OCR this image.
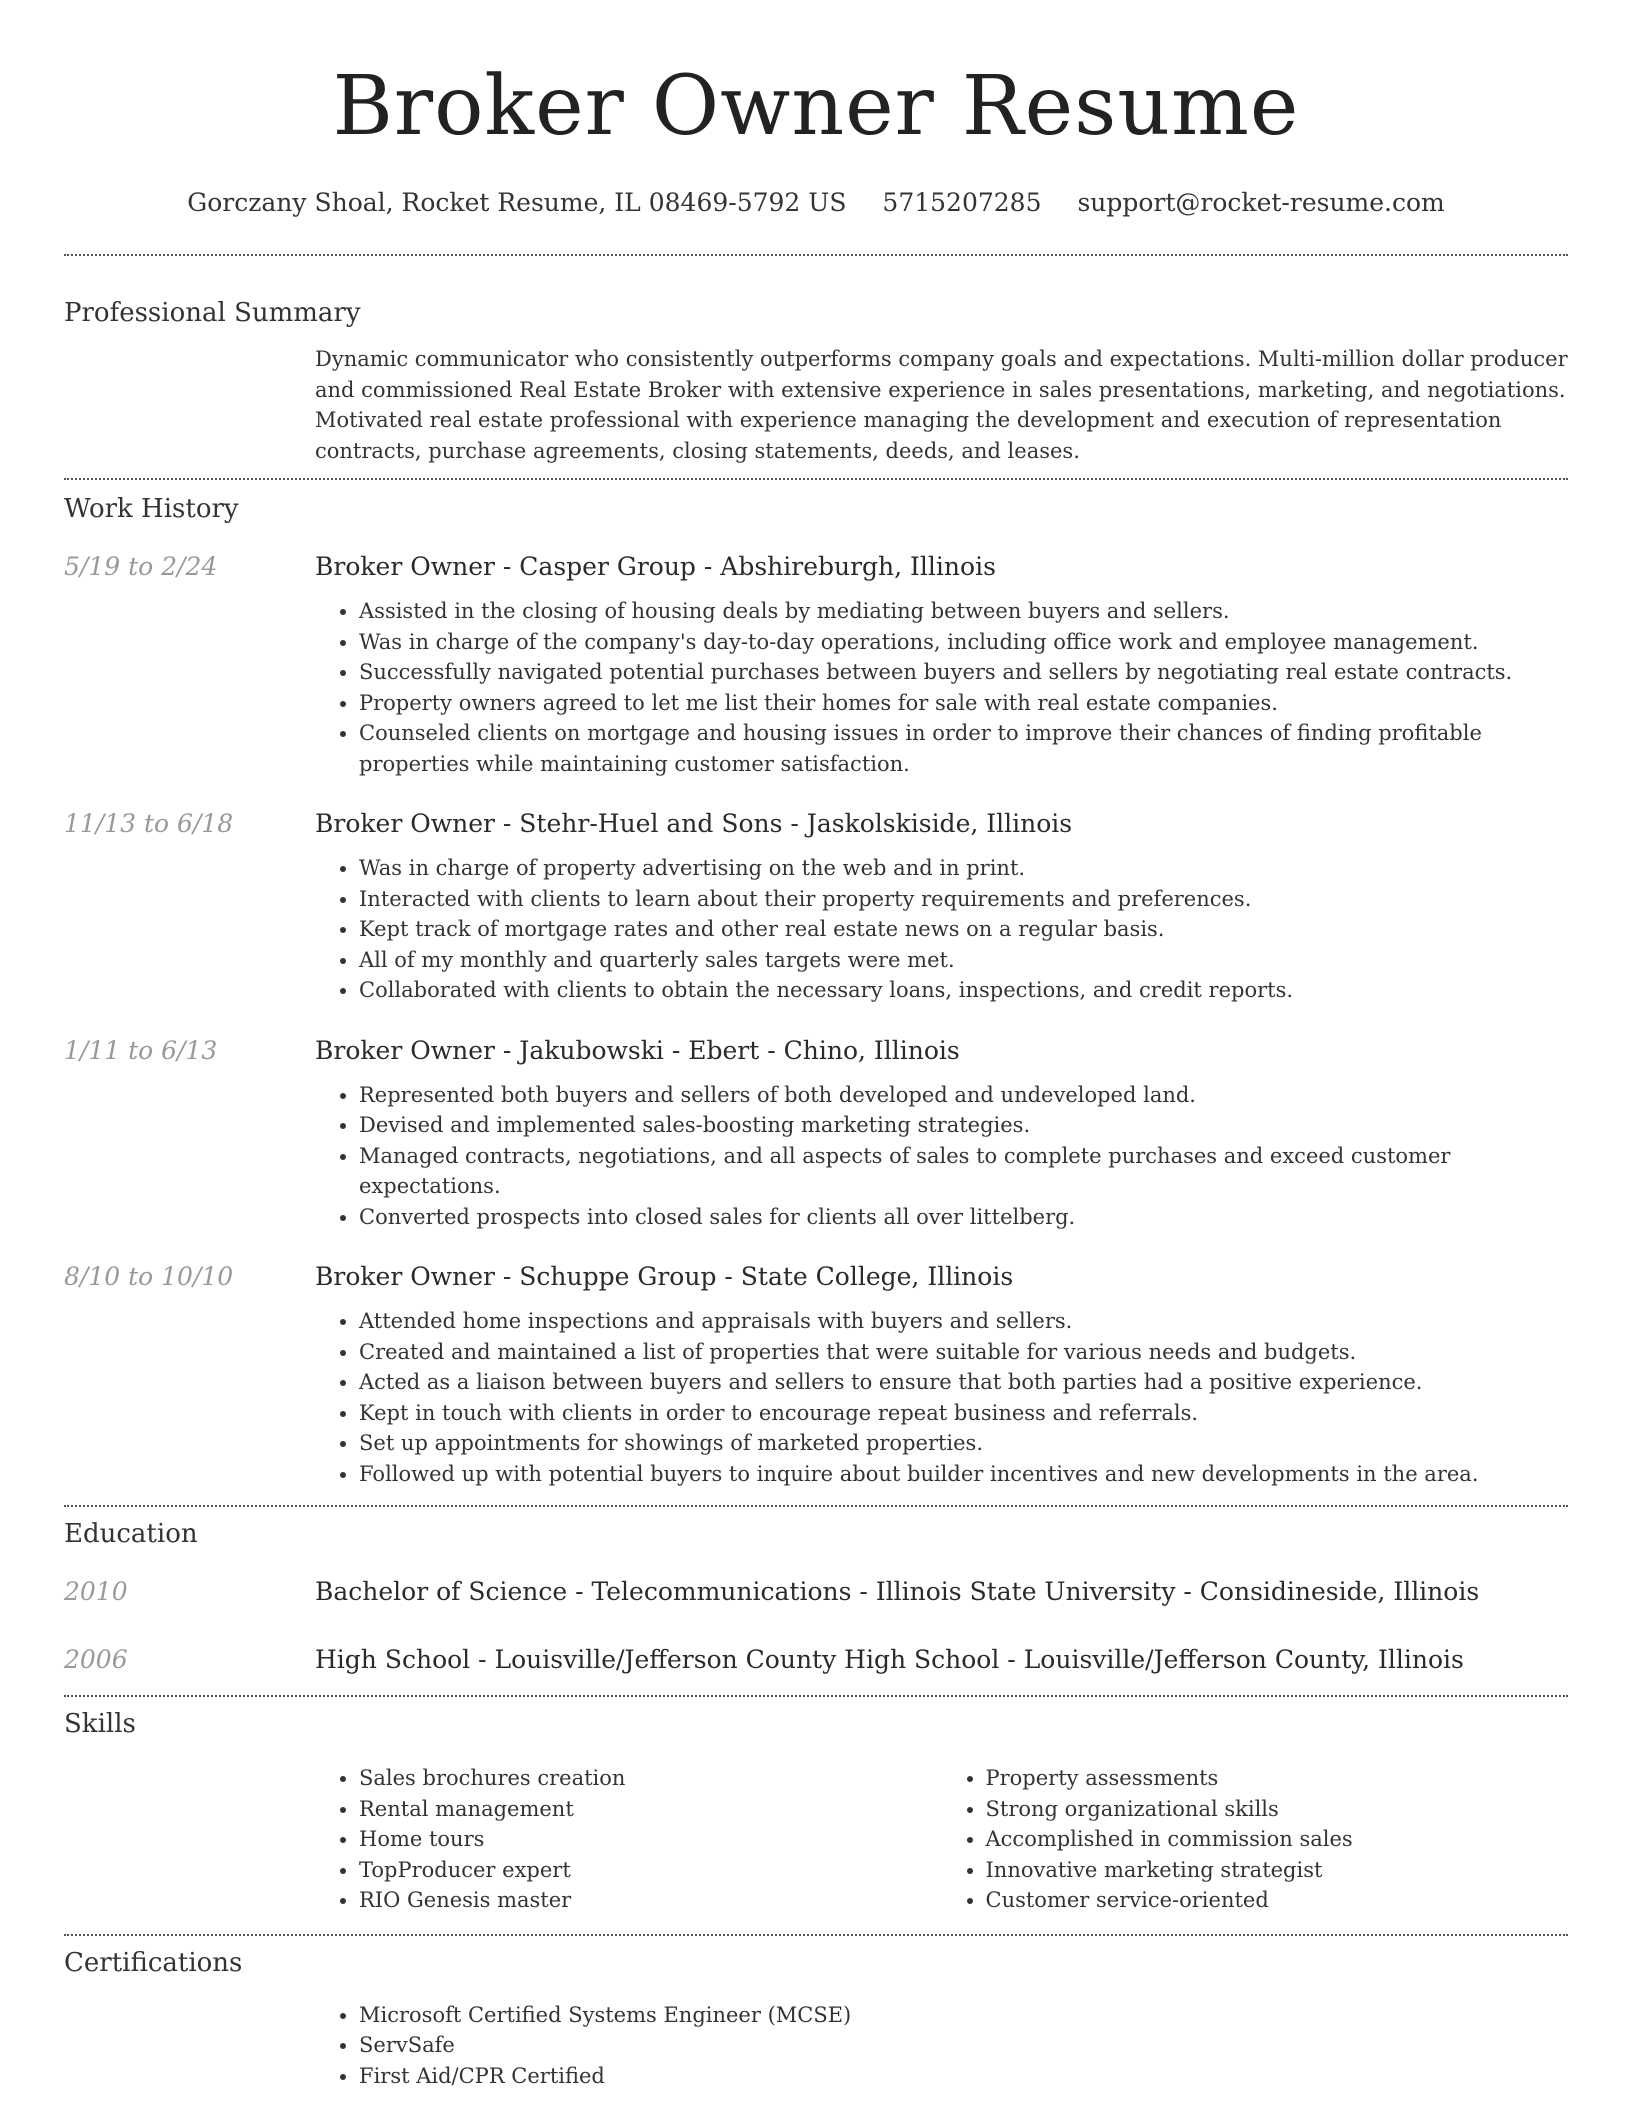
Broker Owner Resume
Gorczany Shoal, Rocket Resume, IL 08469-5792 US 5715207285 support@rocket-resume.com
Professional Summary

Dynamic communicator who consistently outperforms company goals and expectations. Multi-million dollar producer and commissioned Real Estate Broker with extensive experience in sales presentations, marketing, and negotiations. Motivated real estate professional with experience managing the development and execution of representation contracts, purchase agreements, closing statements, deeds, and leases.

Work History
5/19 to 2/24	Broker Owner - Casper Group - Abshireburgh, Illinois
• Assisted in the closing of housing deals by mediating between buyers and sellers.
• Was in charge of the company's day-to-day operations, including office work and employee management.
• Successfully navigated potential purchases between buyers and sellers by negotiating real estate contracts.
• Property owners agreed to let me list their homes for sale with real estate companies.
• Counseled clients on mortgage and housing issues in order to improve their chances of finding profitable properties while maintaining customer satisfaction.
11/13 to 6/18	Broker Owner - Stehr-Huel and Sons - Jaskolskiside, Illinois
• Was in charge of property advertising on the web and in print.
• Interacted with clients to learn about their property requirements and preferences.
• Kept track of mortgage rates and other real estate news on a regular basis.
• All of my monthly and quarterly sales targets were met.
• Collaborated with clients to obtain the necessary loans, inspections, and credit reports.
1/11 to 6/13	Broker Owner - Jakubowski - Ebert - Chino, Illinois
• Represented both buyers and sellers of both developed and undeveloped land.
• Devised and implemented sales-boosting marketing strategies.
• Managed contracts, negotiations, and all aspects of sales to complete purchases and exceed customer expectations.
• Converted prospects into closed sales for clients all over littelberg.
8/10 to 10/10	Broker Owner - Schuppe Group - State College, Illinois
• Attended home inspections and appraisals with buyers and sellers.
• Created and maintained a list of properties that were suitable for various needs and budgets.
• Acted as a liaison between buyers and sellers to ensure that both parties had a positive experience.
• Kept in touch with clients in order to encourage repeat business and referrals.
• Set up appointments for showings of marketed properties.
• Followed up with potential buyers to inquire about builder incentives and new developments in the area.
Education
2010	Bachelor of Science - Telecommunications - Illinois State University - Considineside, Illinois
2006	High School - Louisville/Jefferson County High School - Louisville/Jefferson County, Illinois
Skills
• Sales brochures creation
• Rental management
• Home tours
• TopProducer expert
• RIO Genesis master
• Property assessments
• Strong organizational skills
• Accomplished in commission sales
• Innovative marketing strategist
• Customer service-oriented
Certifications
• Microsoft Certified Systems Engineer (MCSE)
• ServSafe
• First Aid/CPR Certified
